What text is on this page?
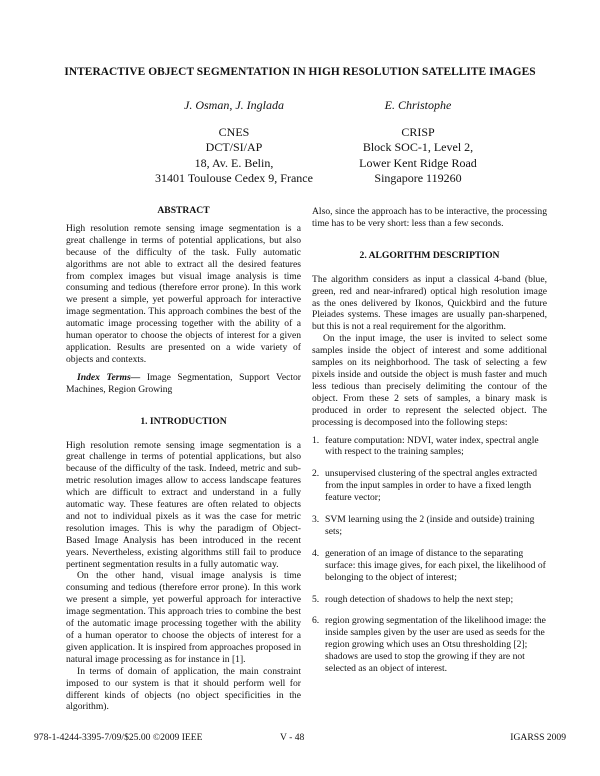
INTERACTIVE OBJECT SEGMENTATION IN HIGH RESOLUTION SATELLITE IMAGES
J. Osman, J. Inglada
CNES
DCT/SI/AP
18, Av. E. Belin,
31401 Toulouse Cedex 9, France
E. Christophe
CRISP
Block SOC-1, Level 2,
Lower Kent Ridge Road
Singapore 119260
ABSTRACT

High resolution remote sensing image segmentation is a great challenge in terms of potential applications, but also because of the difficulty of the task. Fully automatic algorithms are not able to extract all the desired features from complex images but visual image analysis is time consuming and tedious (therefore error prone). In this work we present a simple, yet powerful approach for interactive image segmentation. This approach combines the best of the automatic image processing together with the ability of a human operator to choose the objects of interest for a given application. Results are presented on a wide variety of objects and contexts.

Index Terms— Image Segmentation, Support Vector Machines, Region Growing

1. INTRODUCTION

High resolution remote sensing image segmentation is a great challenge in terms of potential applications, but also because of the difficulty of the task. Indeed, metric and sub-metric resolution images allow to access landscape features which are difficult to extract and understand in a fully automatic way. These features are often related to objects and not to individual pixels as it was the case for metric resolution images. This is why the paradigm of Object-Based Image Analysis has been introduced in the recent years. Nevertheless, existing algorithms still fail to produce pertinent segmentation results in a fully automatic way.

On the other hand, visual image analysis is time consuming and tedious (therefore error prone). In this work we present a simple, yet powerful approach for interactive image segmentation. This approach tries to combine the best of the automatic image processing together with the ability of a human operator to choose the objects of interest for a given application. It is inspired from approaches proposed in natural image processing as for instance in [1].

In terms of domain of application, the main constraint imposed to our system is that it should perform well for different kinds of objects (no object specificities in the algorithm).

Also, since the approach has to be interactive, the processing time has to be very short: less than a few seconds.

2. ALGORITHM DESCRIPTION

The algorithm considers as input a classical 4-band (blue, green, red and near-infrared) optical high resolution image as the ones delivered by Ikonos, Quickbird and the future Pleiades systems. These images are usually pan-sharpened, but this is not a real requirement for the algorithm.

On the input image, the user is invited to select some samples inside the object of interest and some additional samples on its neighborhood. The task of selecting a few pixels inside and outside the object is mush faster and much less tedious than precisely delimiting the contour of the object. From these 2 sets of samples, a binary mask is produced in order to represent the selected object. The processing is decomposed into the following steps:

1. feature computation: NDVI, water index, spectral angle with respect to the training samples;
2. unsupervised clustering of the spectral angles extracted from the input samples in order to have a fixed length feature vector;
3. SVM learning using the 2 (inside and outside) training sets;
4. generation of an image of distance to the separating surface: this image gives, for each pixel, the likelihood of belonging to the object of interest;
5. rough detection of shadows to help the next step;
6. region growing segmentation of the likelihood image: the inside samples given by the user are used as seeds for the region growing which uses an Otsu thresholding [2]; shadows are used to stop the growing if they are not selected as an object of interest.
978-1-4244-3395-7/09/$25.00 ©2009 IEEE	V - 48	IGARSS 2009
